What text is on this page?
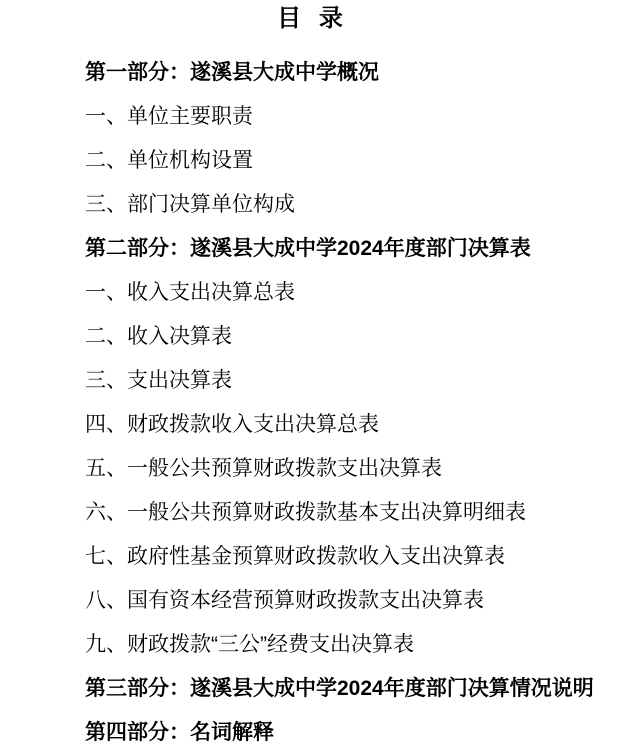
目 录
第一部分：遂溪县大成中学概况
一、单位主要职责
二、单位机构设置
三、部门决算单位构成
第二部分：遂溪县大成中学2024年度部门决算表
一、收入支出决算总表
二、收入决算表
三、支出决算表
四、财政拨款收入支出决算总表
五、一般公共预算财政拨款支出决算表
六、一般公共预算财政拨款基本支出决算明细表
七、政府性基金预算财政拨款收入支出决算表
八、国有资本经营预算财政拨款支出决算表
九、财政拨款“三公”经费支出决算表
第三部分：遂溪县大成中学2024年度部门决算情况说明
第四部分：名词解释
